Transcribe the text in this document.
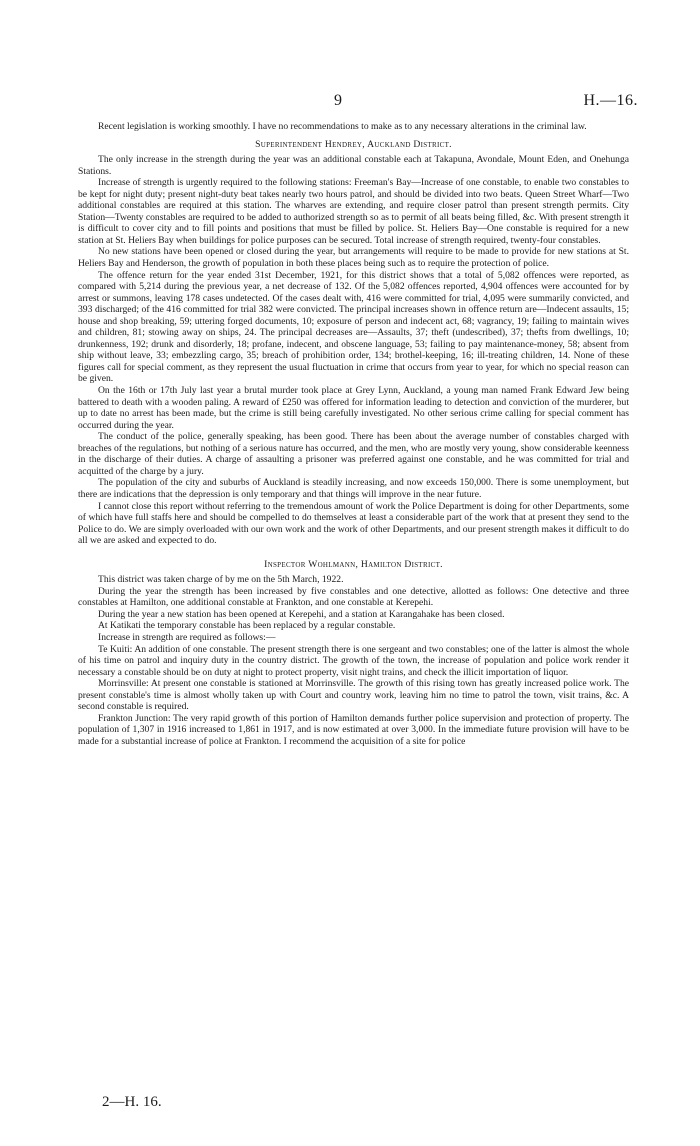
9	H.—16.

Recent legislation is working smoothly. I have no recommendations to make as to any necessary alterations in the criminal law.

Superintendent Hendrey, Auckland District.

The only increase in the strength during the year was an additional constable each at Takapuna, Avondale, Mount Eden, and Onehunga Stations.

Increase of strength is urgently required to the following stations: Freeman's Bay—Increase of one constable, to enable two constables to be kept for night duty; present night-duty beat takes nearly two hours patrol, and should be divided into two beats. Queen Street Wharf—Two additional constables are required at this station. The wharves are extending, and require closer patrol than present strength permits. City Station—Twenty constables are required to be added to authorized strength so as to permit of all beats being filled, &c. With present strength it is difficult to cover city and to fill points and positions that must be filled by police. St. Heliers Bay—One constable is required for a new station at St. Heliers Bay when buildings for police purposes can be secured. Total increase of strength required, twenty-four constables.

No new stations have been opened or closed during the year, but arrangements will require to be made to provide for new stations at St. Heliers Bay and Henderson, the growth of population in both these places being such as to require the protection of police.

The offence return for the year ended 31st December, 1921, for this district shows that a total of 5,082 offences were reported, as compared with 5,214 during the previous year, a net decrease of 132. Of the 5,082 offences reported, 4,904 offences were accounted for by arrest or summons, leaving 178 cases undetected. Of the cases dealt with, 416 were committed for trial, 4,095 were summarily convicted, and 393 discharged; of the 416 committed for trial 382 were convicted. The principal increases shown in offence return are—Indecent assaults, 15; house and shop breaking, 59; uttering forged documents, 10; exposure of person and indecent act, 68; vagrancy, 19; failing to maintain wives and children, 81; stowing away on ships, 24. The principal decreases are—Assaults, 37; theft (undescribed), 37; thefts from dwellings, 10; drunkenness, 192; drunk and disorderly, 18; profane, indecent, and obscene language, 53; failing to pay maintenance-money, 58; absent from ship without leave, 33; embezzling cargo, 35; breach of prohibition order, 134; brothel-keeping, 16; ill-treating children, 14. None of these figures call for special comment, as they represent the usual fluctuation in crime that occurs from year to year, for which no special reason can be given.

On the 16th or 17th July last year a brutal murder took place at Grey Lynn, Auckland, a young man named Frank Edward Jew being battered to death with a wooden paling. A reward of £250 was offered for information leading to detection and conviction of the murderer, but up to date no arrest has been made, but the crime is still being carefully investigated. No other serious crime calling for special comment has occurred during the year.

The conduct of the police, generally speaking, has been good. There has been about the average number of constables charged with breaches of the regulations, but nothing of a serious nature has occurred, and the men, who are mostly very young, show considerable keenness in the discharge of their duties. A charge of assaulting a prisoner was preferred against one constable, and he was committed for trial and acquitted of the charge by a jury.

The population of the city and suburbs of Auckland is steadily increasing, and now exceeds 150,000. There is some unemployment, but there are indications that the depression is only temporary and that things will improve in the near future.

I cannot close this report without referring to the tremendous amount of work the Police Department is doing for other Departments, some of which have full staffs here and should be compelled to do themselves at least a considerable part of the work that at present they send to the Police to do. We are simply overloaded with our own work and the work of other Departments, and our present strength makes it difficult to do all we are asked and expected to do.

Inspector Wohlmann, Hamilton District.

This district was taken charge of by me on the 5th March, 1922.

During the year the strength has been increased by five constables and one detective, allotted as follows: One detective and three constables at Hamilton, one additional constable at Frankton, and one constable at Kerepehi.

During the year a new station has been opened at Kerepehi, and a station at Karangahake has been closed.

At Katikati the temporary constable has been replaced by a regular constable.

Increase in strength are required as follows:—

Te Kuiti: An addition of one constable. The present strength there is one sergeant and two constables; one of the latter is almost the whole of his time on patrol and inquiry duty in the country district. The growth of the town, the increase of population and police work render it necessary a constable should be on duty at night to protect property, visit night trains, and check the illicit importation of liquor.

Morrinsville: At present one constable is stationed at Morrinsville. The growth of this rising town has greatly increased police work. The present constable's time is almost wholly taken up with Court and country work, leaving him no time to patrol the town, visit trains, &c. A second constable is required.

Frankton Junction: The very rapid growth of this portion of Hamilton demands further police supervision and protection of property. The population of 1,307 in 1916 increased to 1,861 in 1917, and is now estimated at over 3,000. In the immediate future provision will have to be made for a substantial increase of police at Frankton. I recommend the acquisition of a site for police

2—H. 16.
